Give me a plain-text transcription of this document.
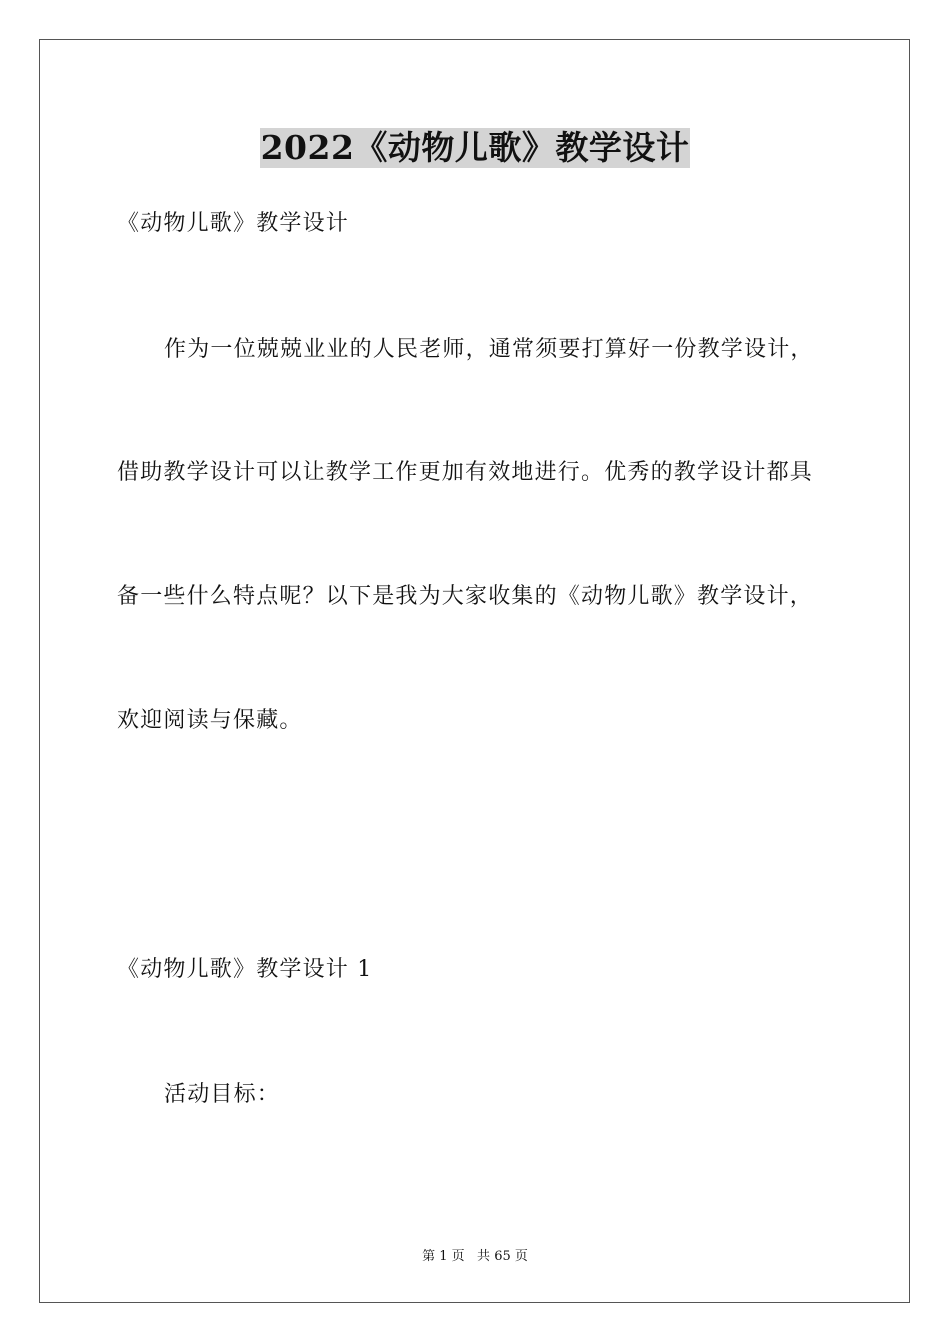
2022《动物儿歌》教学设计
《动物儿歌》教学设计
作为一位兢兢业业的人民老师，通常须要打算好一份教学设计，
借助教学设计可以让教学工作更加有效地进行。优秀的教学设计都具
备一些什么特点呢？以下是我为大家收集的《动物儿歌》教学设计，
欢迎阅读与保藏。
《动物儿歌》教学设计 1
活动目标：
第 1 页   共 65 页
